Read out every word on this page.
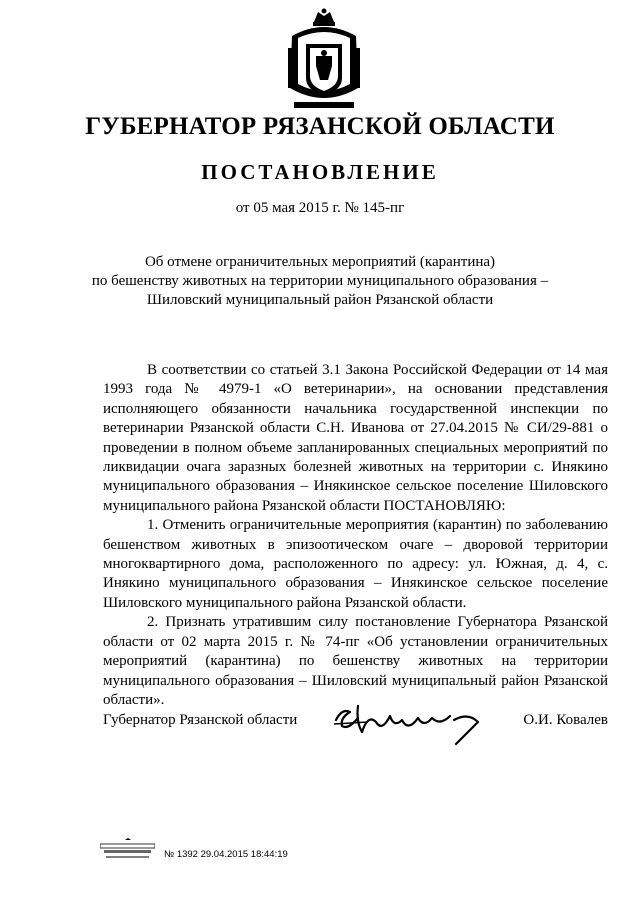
ГУБЕРНАТОР РЯЗАНСКОЙ ОБЛАСТИ
ПОСТАНОВЛЕНИЕ
от 05 мая 2015 г. № 145-пг
Об отмене ограничительных мероприятий (карантина)
по бешенству животных на территории муниципального образования –
Шиловский муниципальный район Рязанской области

В соответствии со статьей 3.1 Закона Российской Федерации от 14 мая 1993 года № 4979-1 «О ветеринарии», на основании представления исполняющего обязанности начальника государственной инспекции по ветеринарии Рязанской области С.Н. Иванова от 27.04.2015 № СИ/29-881 о проведении в полном объеме запланированных специальных мероприятий по ликвидации очага заразных болезней животных на территории с. Инякино муниципального образования – Инякинское сельское поселение Шиловского муниципального района Рязанской области ПОСТАНОВЛЯЮ:

1. Отменить ограничительные мероприятия (карантин) по заболеванию бешенством животных в эпизоотическом очаге – дворовой территории многоквартирного дома, расположенного по адресу: ул. Южная, д. 4, с. Инякино муниципального образования – Инякинское сельское поселение Шиловского муниципального района Рязанской области.

2. Признать утратившим силу постановление Губернатора Рязанской области от 02 марта 2015 г. № 74-пг «Об установлении ограничительных мероприятий (карантина) по бешенству животных на территории муниципального образования – Шиловский муниципальный район Рязанской области».

Губернатор Рязанской области	О.И. Ковалев
№ 1392 29.04.2015 18:44:19
